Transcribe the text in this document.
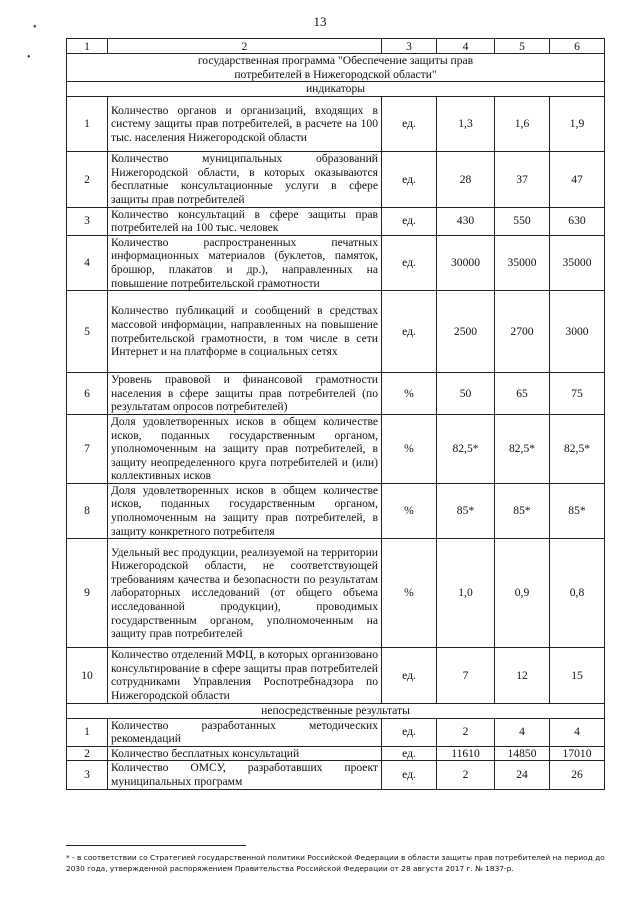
13
•
•
1	2	3	4	5	6
государственная программа "Обеспечение защиты прав потребителей в Нижегородской области"					
индикаторы					
1	Количество органов и организаций, входящих в систему защиты прав потребителей, в расчете на 100 тыс. населения Нижегородской области	ед.	1,3	1,6	1,9
2	Количество муниципальных образований Нижегородской области, в которых оказываются бесплатные консультационные услуги в сфере защиты прав потребителей	ед.	28	37	47
3	Количество консультаций в сфере защиты прав потребителей на 100 тыс. человек	ед.	430	550	630
4	Количество распространенных печатных информационных материалов (буклетов, памяток, брошюр, плакатов и др.), направленных на повышение потребительской грамотности	ед.	30000	35000	35000
5	Количество публикаций и сообщений в средствах массовой информации, направленных на повышение потребительской грамотности, в том числе в сети Интернет и на платформе в социальных сетях	ед.	2500	2700	3000
6	Уровень правовой и финансовой грамотности населения в сфере защиты прав потребителей (по результатам опросов потребителей)	%	50	65	75
7	Доля удовлетворенных исков в общем количестве исков, поданных государственным органом, уполномоченным на защиту прав потребителей, в защиту неопределенного круга потребителей и (или) коллективных исков	%	82,5*	82,5*	82,5*
8	Доля удовлетворенных исков в общем количестве исков, поданных государственным органом, уполномоченным на защиту прав потребителей, в защиту конкретного потребителя	%	85*	85*	85*
9	Удельный вес продукции, реализуемой на территории Нижегородской области, не соответствующей требованиям качества и безопасности по результатам лабораторных исследований (от общего объема исследованной продукции), проводимых государственным органом, уполномоченным на защиту прав потребителей	%	1,0	0,9	0,8
10	Количество отделений МФЦ, в которых организовано консультирование в сфере защиты прав потребителей сотрудниками Управления Роспотребнадзора по Нижегородской области	ед.	7	12	15
непосредственные результаты					
1	Количество разработанных методических рекомендаций	ед.	2	4	4
2	Количество бесплатных консультаций	ед.	11610	14850	17010
3	Количество ОМСУ, разработавших проект муниципальных программ	ед.	2	24	26
* - в соответствии со Стратегией государственной политики Российской Федерации в области защиты прав потребителей на период до 2030 года, утвержденной распоряжением Правительства Российской Федерации от 28 августа 2017 г. № 1837-р.
